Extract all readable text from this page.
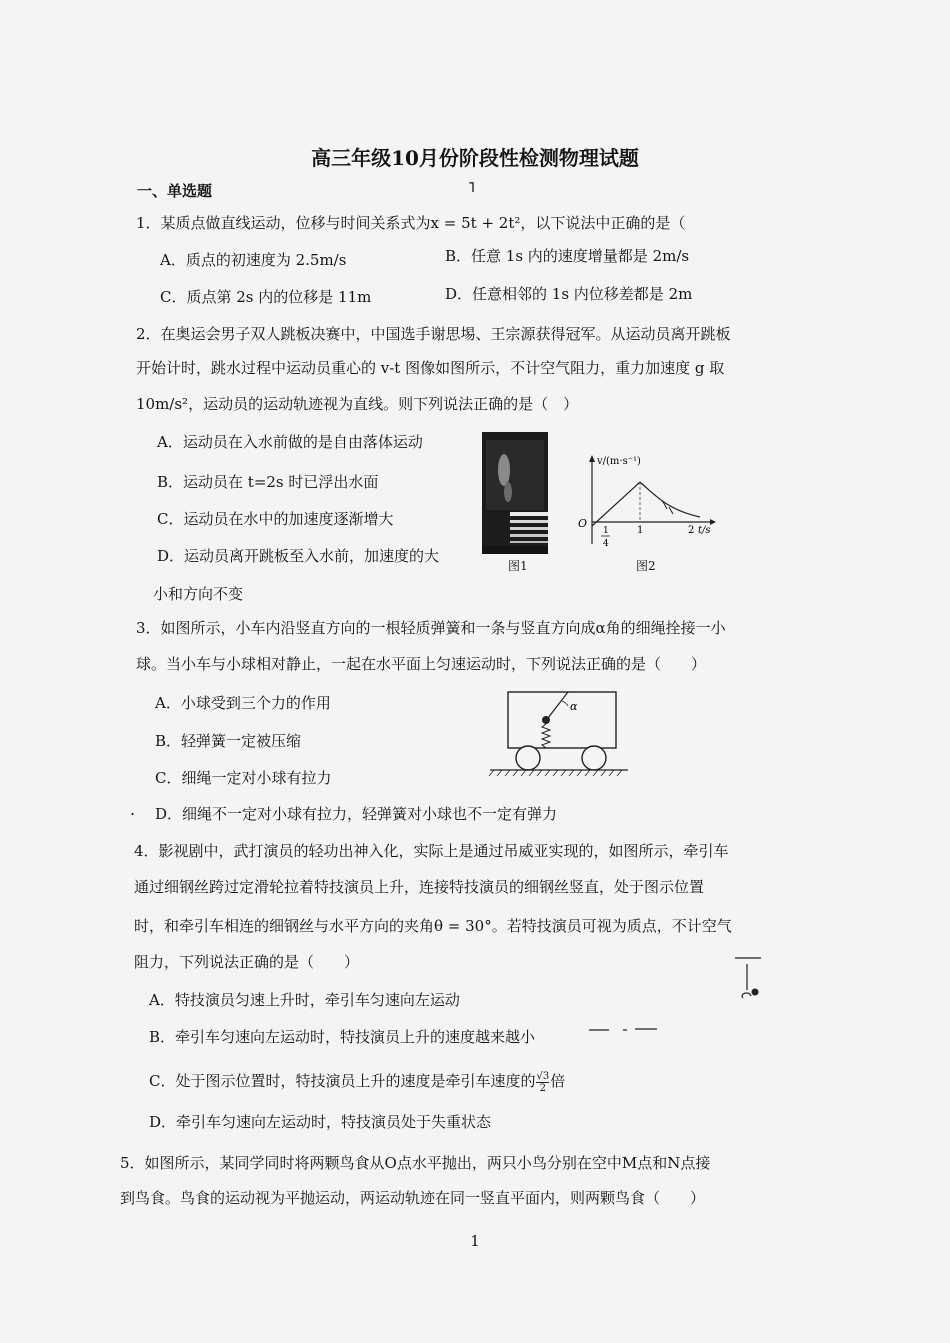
高三年级10月份阶段性检测物理试题
一、单选题	˥
1．某质点做直线运动，位移与时间关系式为x = 5t + 2t²，以下说法中正确的是（
A．质点的初速度为 2.5m/s	B．任意 1s 内的速度增量都是 2m/s
C．质点第 2s 内的位移是 11m	D．任意相邻的 1s 内位移差都是 2m
2．在奥运会男子双人跳板决赛中，中国选手谢思埸、王宗源获得冠军。从运动员离开跳板
开始计时，跳水过程中运动员重心的 v-t 图像如图所示，不计空气阻力，重力加速度 g 取
10m/s²，运动员的运动轨迹视为直线。则下列说法正确的是（　）
A．运动员在入水前做的是自由落体运动
B．运动员在 t=2s 时已浮出水面
C．运动员在水中的加速度逐渐增大
D．运动员离开跳板至入水前，加速度的大
小和方向不变
图1
v/(m·s⁻¹)
O
1
4
1	2 t/s
图2
3．如图所示，小车内沿竖直方向的一根轻质弹簧和一条与竖直方向成α角的细绳拴接一小
球。当小车与小球相对静止，一起在水平面上匀速运动时，下列说法正确的是（　　）
A．小球受到三个力的作用
B．轻弹簧一定被压缩
C．细绳一定对小球有拉力
. D．细绳不一定对小球有拉力，轻弹簧对小球也不一定有弹力
α
4．影视剧中，武打演员的轻功出神入化，实际上是通过吊威亚实现的，如图所示，牵引车
通过细钢丝跨过定滑轮拉着特技演员上升，连接特技演员的细钢丝竖直，处于图示位置
时，和牵引车相连的细钢丝与水平方向的夹角θ = 30°。若特技演员可视为质点，不计空气
阻力，下列说法正确的是（　　）
A．特技演员匀速上升时，牵引车匀速向左运动
B．牵引车匀速向左运动时，特技演员上升的速度越来越小
C．处于图示位置时，特技演员上升的速度是牵引车速度的 $\frac{√3}{2}$ 倍
D．牵引车匀速向左运动时，特技演员处于失重状态
5．如图所示，某同学同时将两颗鸟食从O点水平抛出，两只小鸟分别在空中M点和N点接
到鸟食。鸟食的运动视为平抛运动，两运动轨迹在同一竖直平面内，则两颗鸟食（　　）
1
